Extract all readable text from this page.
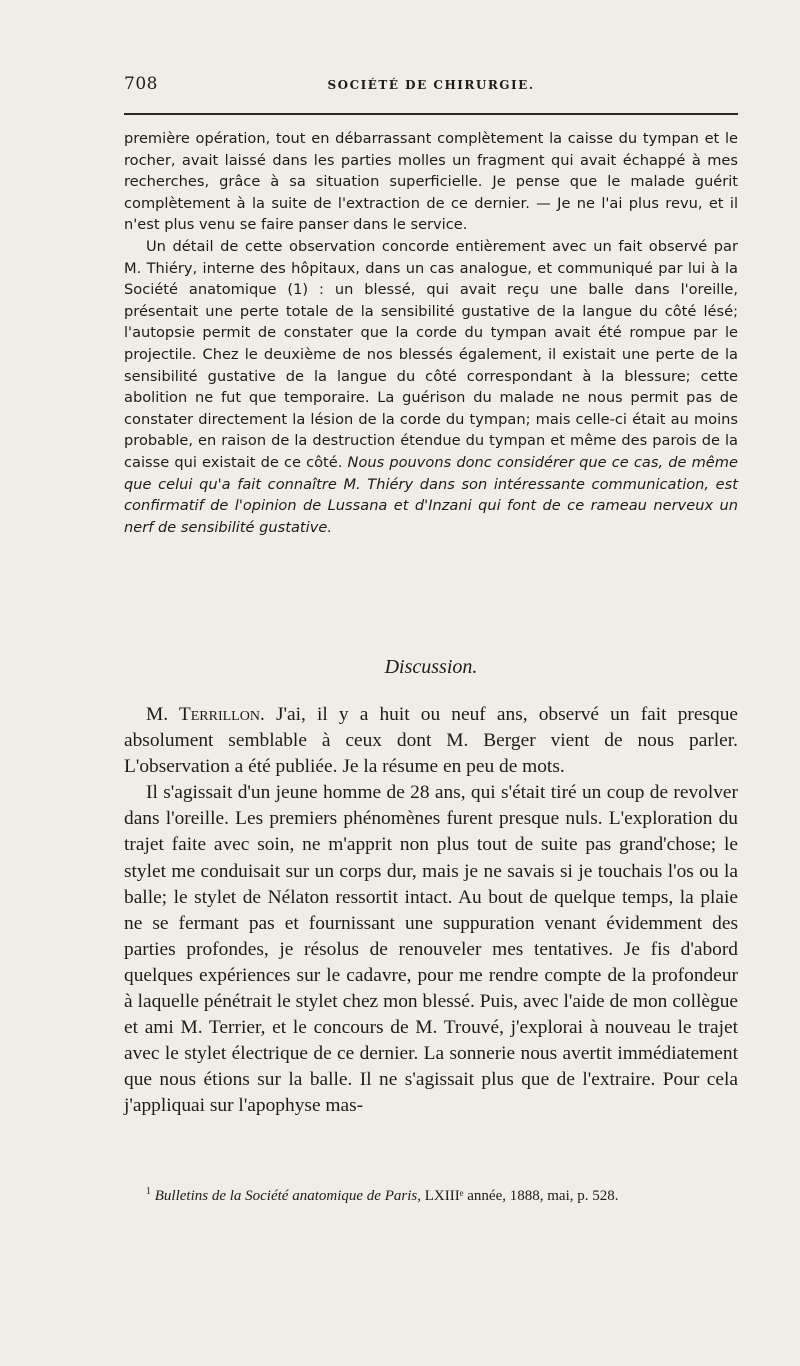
708	SOCIÉTÉ DE CHIRURGIE.

première opération, tout en débarrassant complètement la caisse du tympan et le rocher, avait laissé dans les parties molles un fragment qui avait échappé à mes recherches, grâce à sa situation superficielle. Je pense que le malade guérit complètement à la suite de l'extraction de ce dernier. — Je ne l'ai plus revu, et il n'est plus venu se faire panser dans le service.

Un détail de cette observation concorde entièrement avec un fait observé par M. Thiéry, interne des hôpitaux, dans un cas analogue, et communiqué par lui à la Société anatomique (1) : un blessé, qui avait reçu une balle dans l'oreille, présentait une perte totale de la sensibilité gustative de la langue du côté lésé; l'autopsie permit de constater que la corde du tympan avait été rompue par le projectile. Chez le deuxième de nos blessés également, il existait une perte de la sensibilité gustative de la langue du côté correspondant à la blessure; cette abolition ne fut que temporaire. La guérison du malade ne nous permit pas de constater directement la lésion de la corde du tympan; mais celle-ci était au moins probable, en raison de la destruction étendue du tympan et même des parois de la caisse qui existait de ce côté. Nous pouvons donc considérer que ce cas, de même que celui qu'a fait connaître M. Thiéry dans son intéressante communication, est confirmatif de l'opinion de Lussana et d'Inzani qui font de ce rameau nerveux un nerf de sensibilité gustative.

Discussion.

M. Terrillon. J'ai, il y a huit ou neuf ans, observé un fait presque absolument semblable à ceux dont M. Berger vient de nous parler. L'observation a été publiée. Je la résume en peu de mots.

Il s'agissait d'un jeune homme de 28 ans, qui s'était tiré un coup de revolver dans l'oreille. Les premiers phénomènes furent presque nuls. L'exploration du trajet faite avec soin, ne m'apprit non plus tout de suite pas grand'chose; le stylet me conduisait sur un corps dur, mais je ne savais si je touchais l'os ou la balle; le stylet de Nélaton ressortit intact. Au bout de quelque temps, la plaie ne se fermant pas et fournissant une suppuration venant évidemment des parties profondes, je résolus de renouveler mes tentatives. Je fis d'abord quelques expériences sur le cadavre, pour me rendre compte de la profondeur à laquelle pénétrait le stylet chez mon blessé. Puis, avec l'aide de mon collègue et ami M. Terrier, et le concours de M. Trouvé, j'explorai à nouveau le trajet avec le stylet électrique de ce dernier. La sonnerie nous avertit immédiatement que nous étions sur la balle. Il ne s'agissait plus que de l'extraire. Pour cela j'appliquai sur l'apophyse mas-

$^1$ Bulletins de la Société anatomique de Paris, LXIIIᵉ année, 1888, mai, p. 528.
